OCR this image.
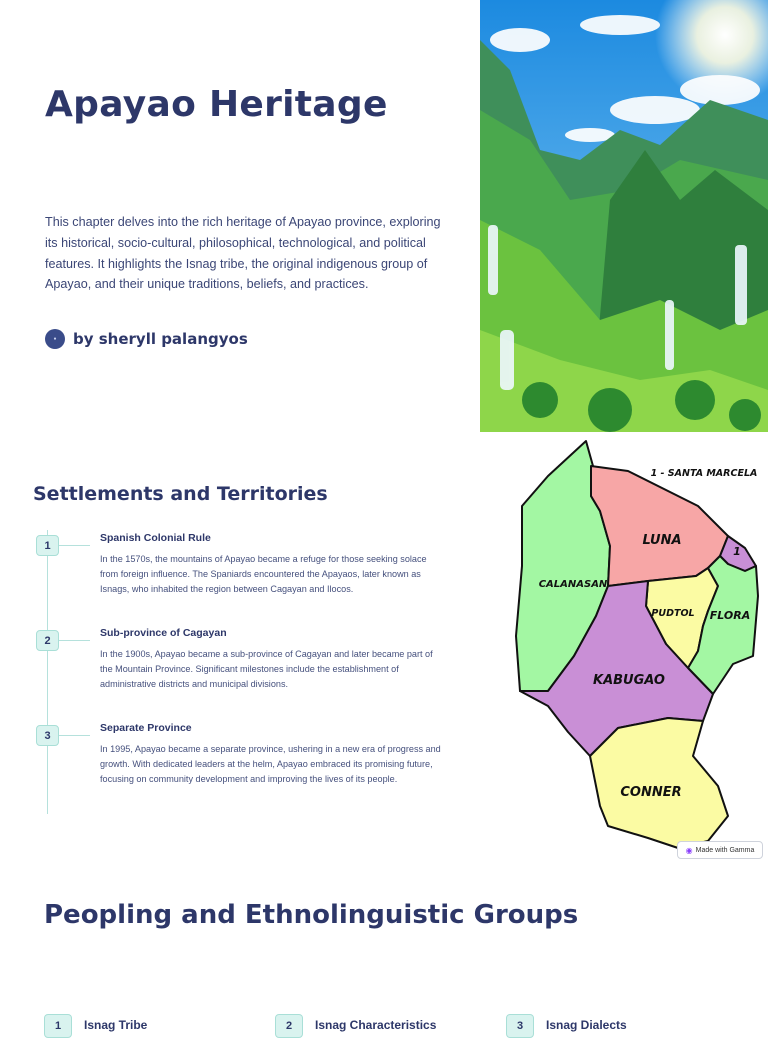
Apayao Heritage

This chapter delves into the rich heritage of Apayao province, exploring its historical, socio-cultural, philosophical, technological, and political features. It highlights the Isnag tribe, the original indigenous group of Apayao, and their unique traditions, beliefs, and practices.

●	by sheryll palangyos
Settlements and Territories
1
Spanish Colonial Rule
In the 1570s, the mountains of Apayao became a refuge for those seeking solace from foreign influence. The Spaniards encountered the Apayaos, later known as Isnags, who inhabited the region between Cagayan and Ilocos.
2
Sub-province of Cagayan
In the 1900s, Apayao became a sub-province of Cagayan and later became part of the Mountain Province. Significant milestones include the establishment of administrative districts and municipal divisions.
3
Separate Province
In 1995, Apayao became a separate province, ushering in a new era of progress and growth. With dedicated leaders at the helm, Apayao embraced its promising future, focusing on community development and improving the lives of its people.
LUNA
1
CALANASAN
PUDTOL FLORA
KABUGAO
CONNER
1 - SANTA MARCELA
◉ Made with Gamma
Peopling and Ethnolinguistic Groups
1	Isnag Tribe	2	Isnag Characteristics	3	Isnag Dialects
